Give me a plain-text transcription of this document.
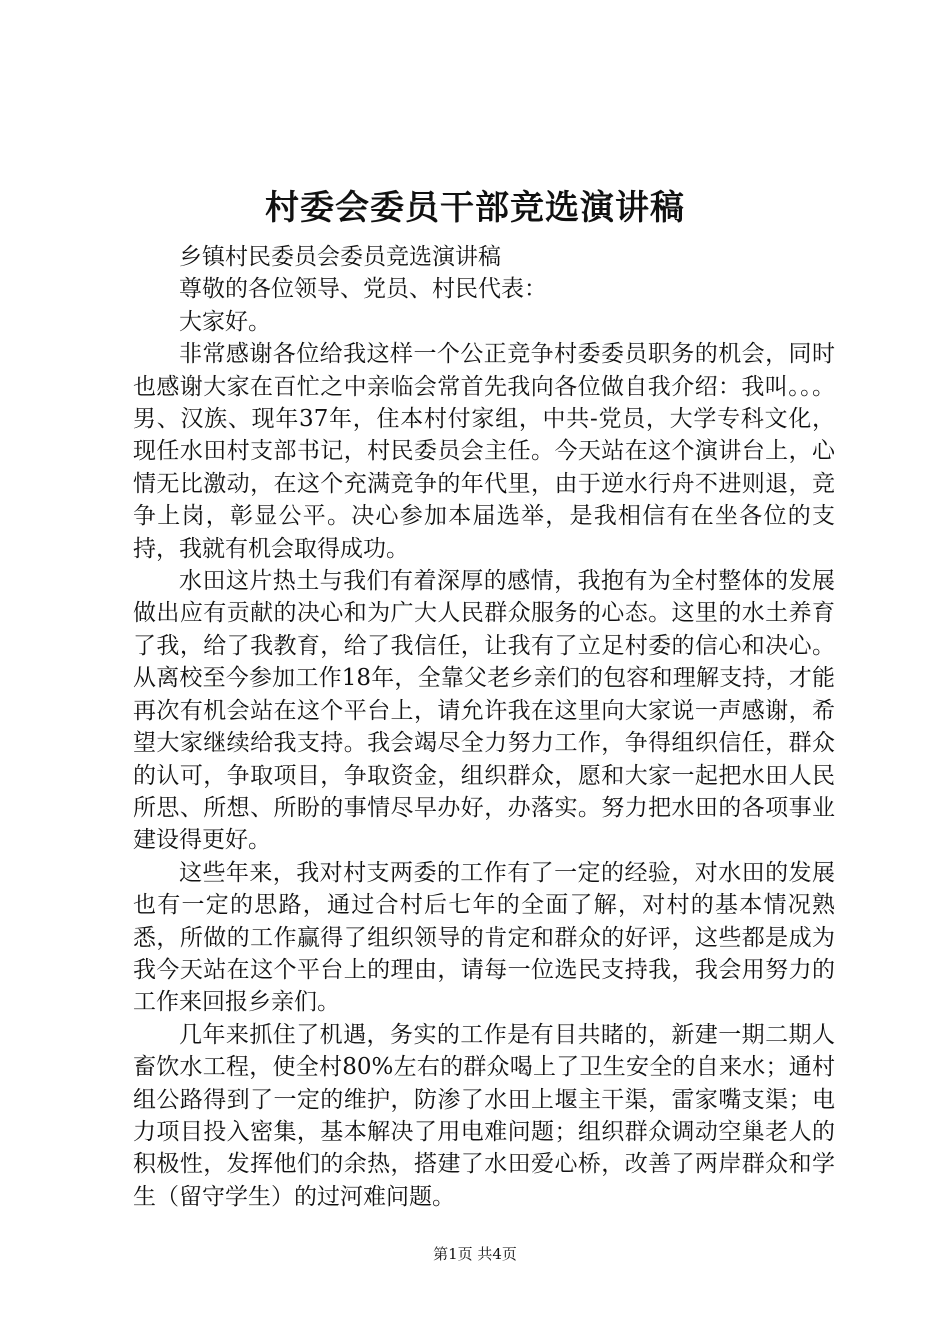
村委会委员干部竞选演讲稿

乡镇村民委员会委员竞选演讲稿

尊敬的各位领导、党员、村民代表：

大家好。

非常感谢各位给我这样一个公正竞争村委委员职务的机会，同时也感谢大家在百忙之中亲临会常首先我向各位做自我介绍：我叫。。。男、汉族、现年37年，住本村付家组，中共-党员，大学专科文化，现任水田村支部书记，村民委员会主任。今天站在这个演讲台上，心情无比激动，在这个充满竞争的年代里，由于逆水行舟不进则退，竞争上岗，彰显公平。决心参加本届选举，是我相信有在坐各位的支持，我就有机会取得成功。

水田这片热土与我们有着深厚的感情，我抱有为全村整体的发展做出应有贡献的决心和为广大人民群众服务的心态。这里的水土养育了我，给了我教育，给了我信任，让我有了立足村委的信心和决心。从离校至今参加工作18年，全靠父老乡亲们的包容和理解支持，才能再次有机会站在这个平台上，请允许我在这里向大家说一声感谢，希望大家继续给我支持。我会竭尽全力努力工作，争得组织信任，群众的认可，争取项目，争取资金，组织群众，愿和大家一起把水田人民所思、所想、所盼的事情尽早办好，办落实。努力把水田的各项事业建设得更好。

这些年来，我对村支两委的工作有了一定的经验，对水田的发展也有一定的思路，通过合村后七年的全面了解，对村的基本情况熟悉，所做的工作赢得了组织领导的肯定和群众的好评，这些都是成为我今天站在这个平台上的理由，请每一位选民支持我，我会用努力的工作来回报乡亲们。

几年来抓住了机遇，务实的工作是有目共睹的，新建一期二期人畜饮水工程，使全村80%左右的群众喝上了卫生安全的自来水；通村组公路得到了一定的维护，防渗了水田上堰主干渠，雷家嘴支渠；电力项目投入密集，基本解决了用电难问题；组织群众调动空巢老人的积极性，发挥他们的余热，搭建了水田爱心桥，改善了两岸群众和学生（留守学生）的过河难问题。

第1页 共4页
